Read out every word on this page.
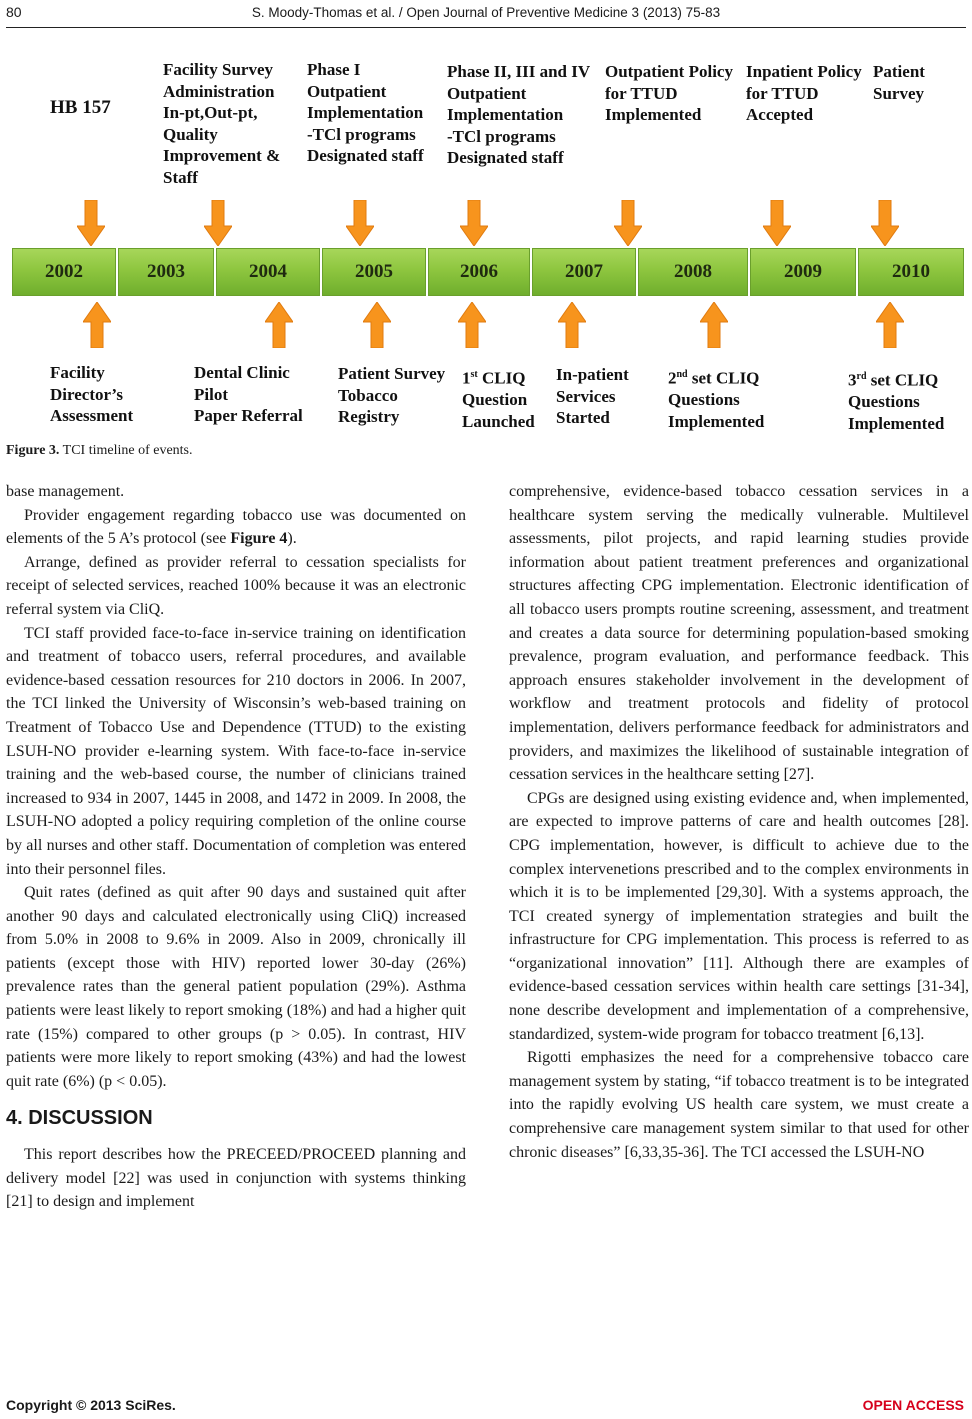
80	S. Moody-Thomas et al. / Open Journal of Preventive Medicine 3 (2013) 75-83
HB 157
Facility Survey
Administration
In-pt,Out-pt,
Quality
Improvement &
Staff
Phase I
Outpatient
Implementation
-TCl programs
Designated staff
Phase II, III and IV
Outpatient
Implementation
-TCl programs
Designated staff
Outpatient Policy
for TTUD
Implemented
Inpatient Policy
for TTUD
Accepted
Patient
Survey
2002	2003	2004	2005	2006	2007	2008	2009	2010
Facility
Director’s
Assessment
Dental Clinic
Pilot
Paper Referral
Patient Survey
Tobacco
Registry
1st CLIQ
Question
Launched
In-patient
Services
Started
2nd set CLIQ
Questions
Implemented
3rd set CLIQ
Questions
Implemented
Figure 3. TCI timeline of events.

base management.

Provider engagement regarding tobacco use was documented on elements of the 5 A’s protocol (see Figure 4).

Arrange, defined as provider referral to cessation specialists for receipt of selected services, reached 100% because it was an electronic referral system via CliQ.

TCI staff provided face-to-face in-service training on identification and treatment of tobacco users, referral procedures, and available evidence-based cessation resources for 210 doctors in 2006. In 2007, the TCI linked the University of Wisconsin’s web-based training on Treatment of Tobacco Use and Dependence (TTUD) to the existing LSUH-NO provider e-learning system. With face-to-face in-service training and the web-based course, the number of clinicians trained increased to 934 in 2007, 1445 in 2008, and 1472 in 2009. In 2008, the LSUH-NO adopted a policy requiring completion of the online course by all nurses and other staff. Documentation of completion was entered into their personnel files.

Quit rates (defined as quit after 90 days and sustained quit after another 90 days and calculated electronically using CliQ) increased from 5.0% in 2008 to 9.6% in 2009. Also in 2009, chronically ill patients (except those with HIV) reported lower 30-day (26%) prevalence rates than the general patient population (29%). Asthma patients were least likely to report smoking (18%) and had a higher quit rate (15%) compared to other groups (p > 0.05). In contrast, HIV patients were more likely to report smoking (43%) and had the lowest quit rate (6%) (p < 0.05).

4. DISCUSSION

This report describes how the PRECEED/PROCEED planning and delivery model [22] was used in conjunction with systems thinking [21] to design and implement

comprehensive, evidence-based tobacco cessation services in a healthcare system serving the medically vulnerable. Multilevel assessments, pilot projects, and rapid learning studies provide information about patient treatment preferences and organizational structures affecting CPG implementation. Electronic identification of all tobacco users prompts routine screening, assessment, and treatment and creates a data source for determining population-based smoking prevalence, program evaluation, and performance feedback. This approach ensures stakeholder involvement in the development of workflow and treatment protocols and fidelity of protocol implementation, delivers performance feedback for administrators and providers, and maximizes the likelihood of sustainable integration of cessation services in the healthcare setting [27].

CPGs are designed using existing evidence and, when implemented, are expected to improve patterns of care and health outcomes [28]. CPG implementation, however, is difficult to achieve due to the complex intervenetions prescribed and to the complex environments in which it is to be implemented [29,30]. With a systems approach, the TCI created synergy of implementation strategies and built the infrastructure for CPG implementation. This process is referred to as “organizational innovation” [11]. Although there are examples of evidence-based cessation services within health care settings [31-34], none describe development and implementation of a comprehensive, standardized, system-wide program for tobacco treatment [6,13].

Rigotti emphasizes the need for a comprehensive tobacco care management system by stating, “if tobacco treatment is to be integrated into the rapidly evolving US health care system, we must create a comprehensive care management system similar to that used for other chronic diseases” [6,33,35-36]. The TCI accessed the LSUH-NO

Copyright © 2013 SciRes.	OPEN ACCESS
